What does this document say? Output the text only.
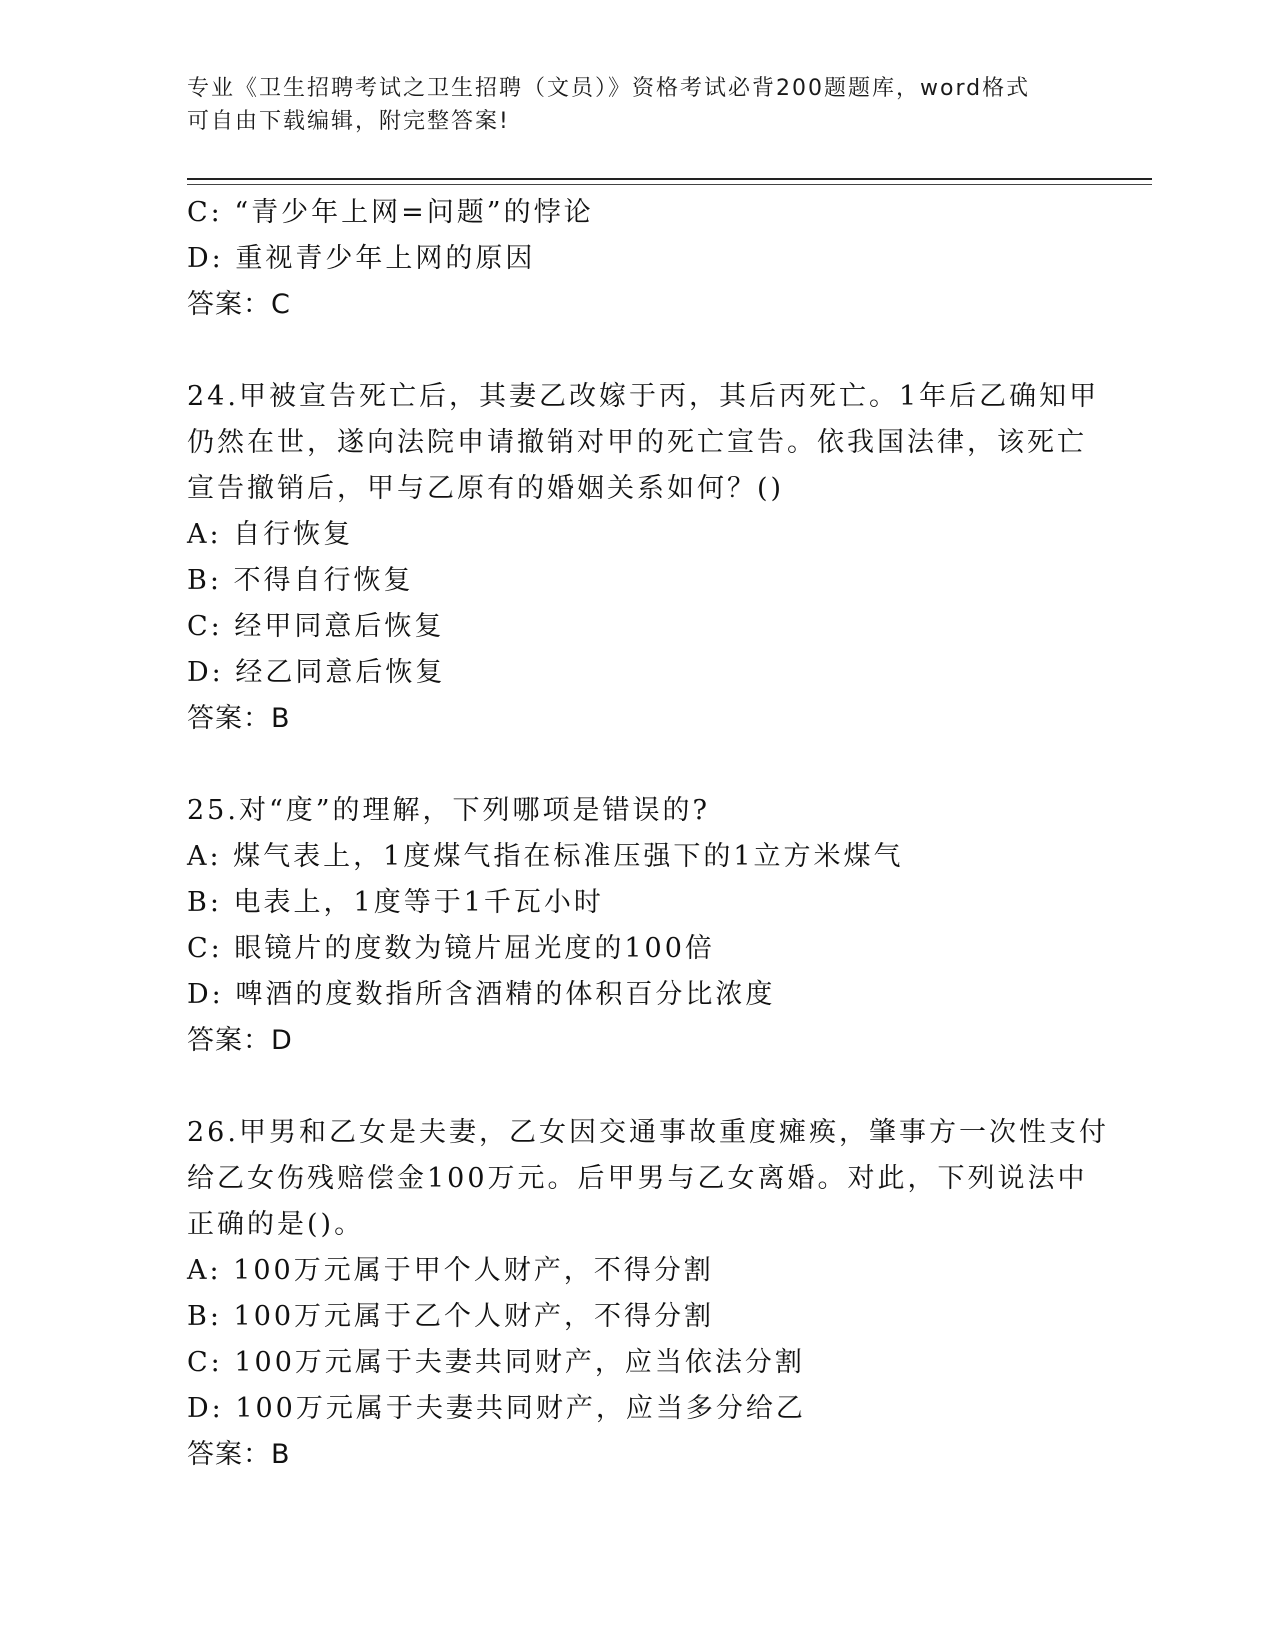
专业《卫生招聘考试之卫生招聘（文员）》资格考试必背200题题库，word格式
可自由下载编辑，附完整答案!
C: “青少年上网=问题”的悖论
D: 重视青少年上网的原因
答案：C
24.甲被宣告死亡后，其妻乙改嫁于丙，其后丙死亡。1年后乙确知甲
仍然在世，遂向法院申请撤销对甲的死亡宣告。依我国法律，该死亡
宣告撤销后，甲与乙原有的婚姻关系如何？()
A: 自行恢复
B: 不得自行恢复
C: 经甲同意后恢复
D: 经乙同意后恢复
答案：B
25.对“度”的理解，下列哪项是错误的?
A: 煤气表上，1度煤气指在标准压强下的1立方米煤气
B: 电表上，1度等于1千瓦小时
C: 眼镜片的度数为镜片屈光度的100倍
D: 啤酒的度数指所含酒精的体积百分比浓度
答案：D
26.甲男和乙女是夫妻，乙女因交通事故重度瘫痪，肇事方一次性支付
给乙女伤残赔偿金100万元。后甲男与乙女离婚。对此，下列说法中
正确的是()。
A: 100万元属于甲个人财产，不得分割
B: 100万元属于乙个人财产，不得分割
C: 100万元属于夫妻共同财产，应当依法分割
D: 100万元属于夫妻共同财产，应当多分给乙
答案：B
